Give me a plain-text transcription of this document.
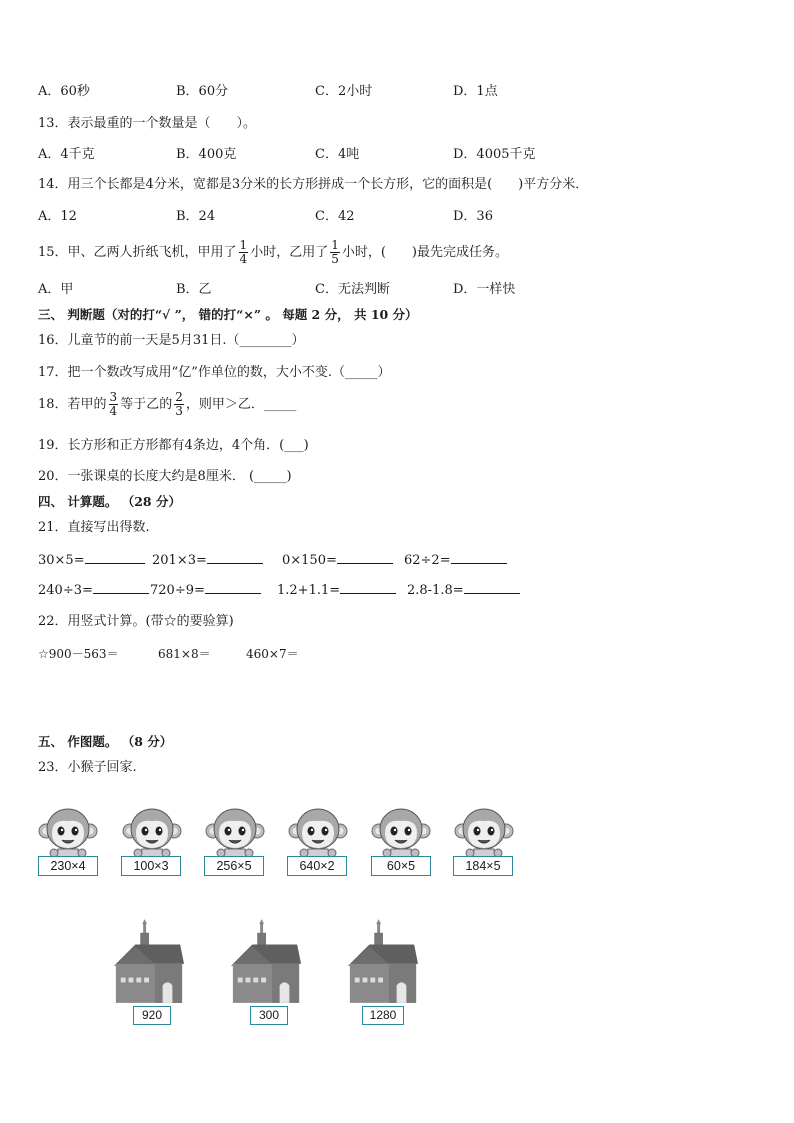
A．60秒	B．60分	C．2小时	D．1点
13．表示最重的一个数量是（　　）。
A．4千克	B．400克	C．4吨	D．4005千克
14．用三个长都是4分米，宽都是3分米的长方形拼成一个长方形，它的面积是(　　)平方分米．
A．12	B．24	C．42	D．36
15．甲、乙两人折纸飞机，甲用了 $\frac{1}{4}$ 小时，乙用了 $\frac{1}{5}$ 小时，(　　)最先完成任务。
A．甲	B．乙	C．无法判断	D．一样快
三、 判断题（对的打“√ ”， 错的打“×” 。 每题 2 分， 共 10 分）
16．儿童节的前一天是5月31日.（________）
17．把一个数改写成用“亿”作单位的数，大小不变.（_____）
18．若甲的 $\frac{3}{4}$ 等于乙的 $\frac{2}{3}$ ，则甲＞乙．_____
19．长方形和正方形都有4条边，4个角．(___)
20．一张课桌的长度大约是8厘米． (_____)
四、 计算题。 （28 分）
21．直接写出得数.
30×5=	201×3=	0×150=	62÷2=
240÷3=	720÷9=	1.2+1.1=	2.8-1.8=
22．用竖式计算。(带☆的要验算)
☆900－563＝	681×8＝	460×7＝
五、 作图题。 （8 分）
23．小猴子回家.
230×4	100×3	256×5	640×2	60×5	184×5
920	300	1280
